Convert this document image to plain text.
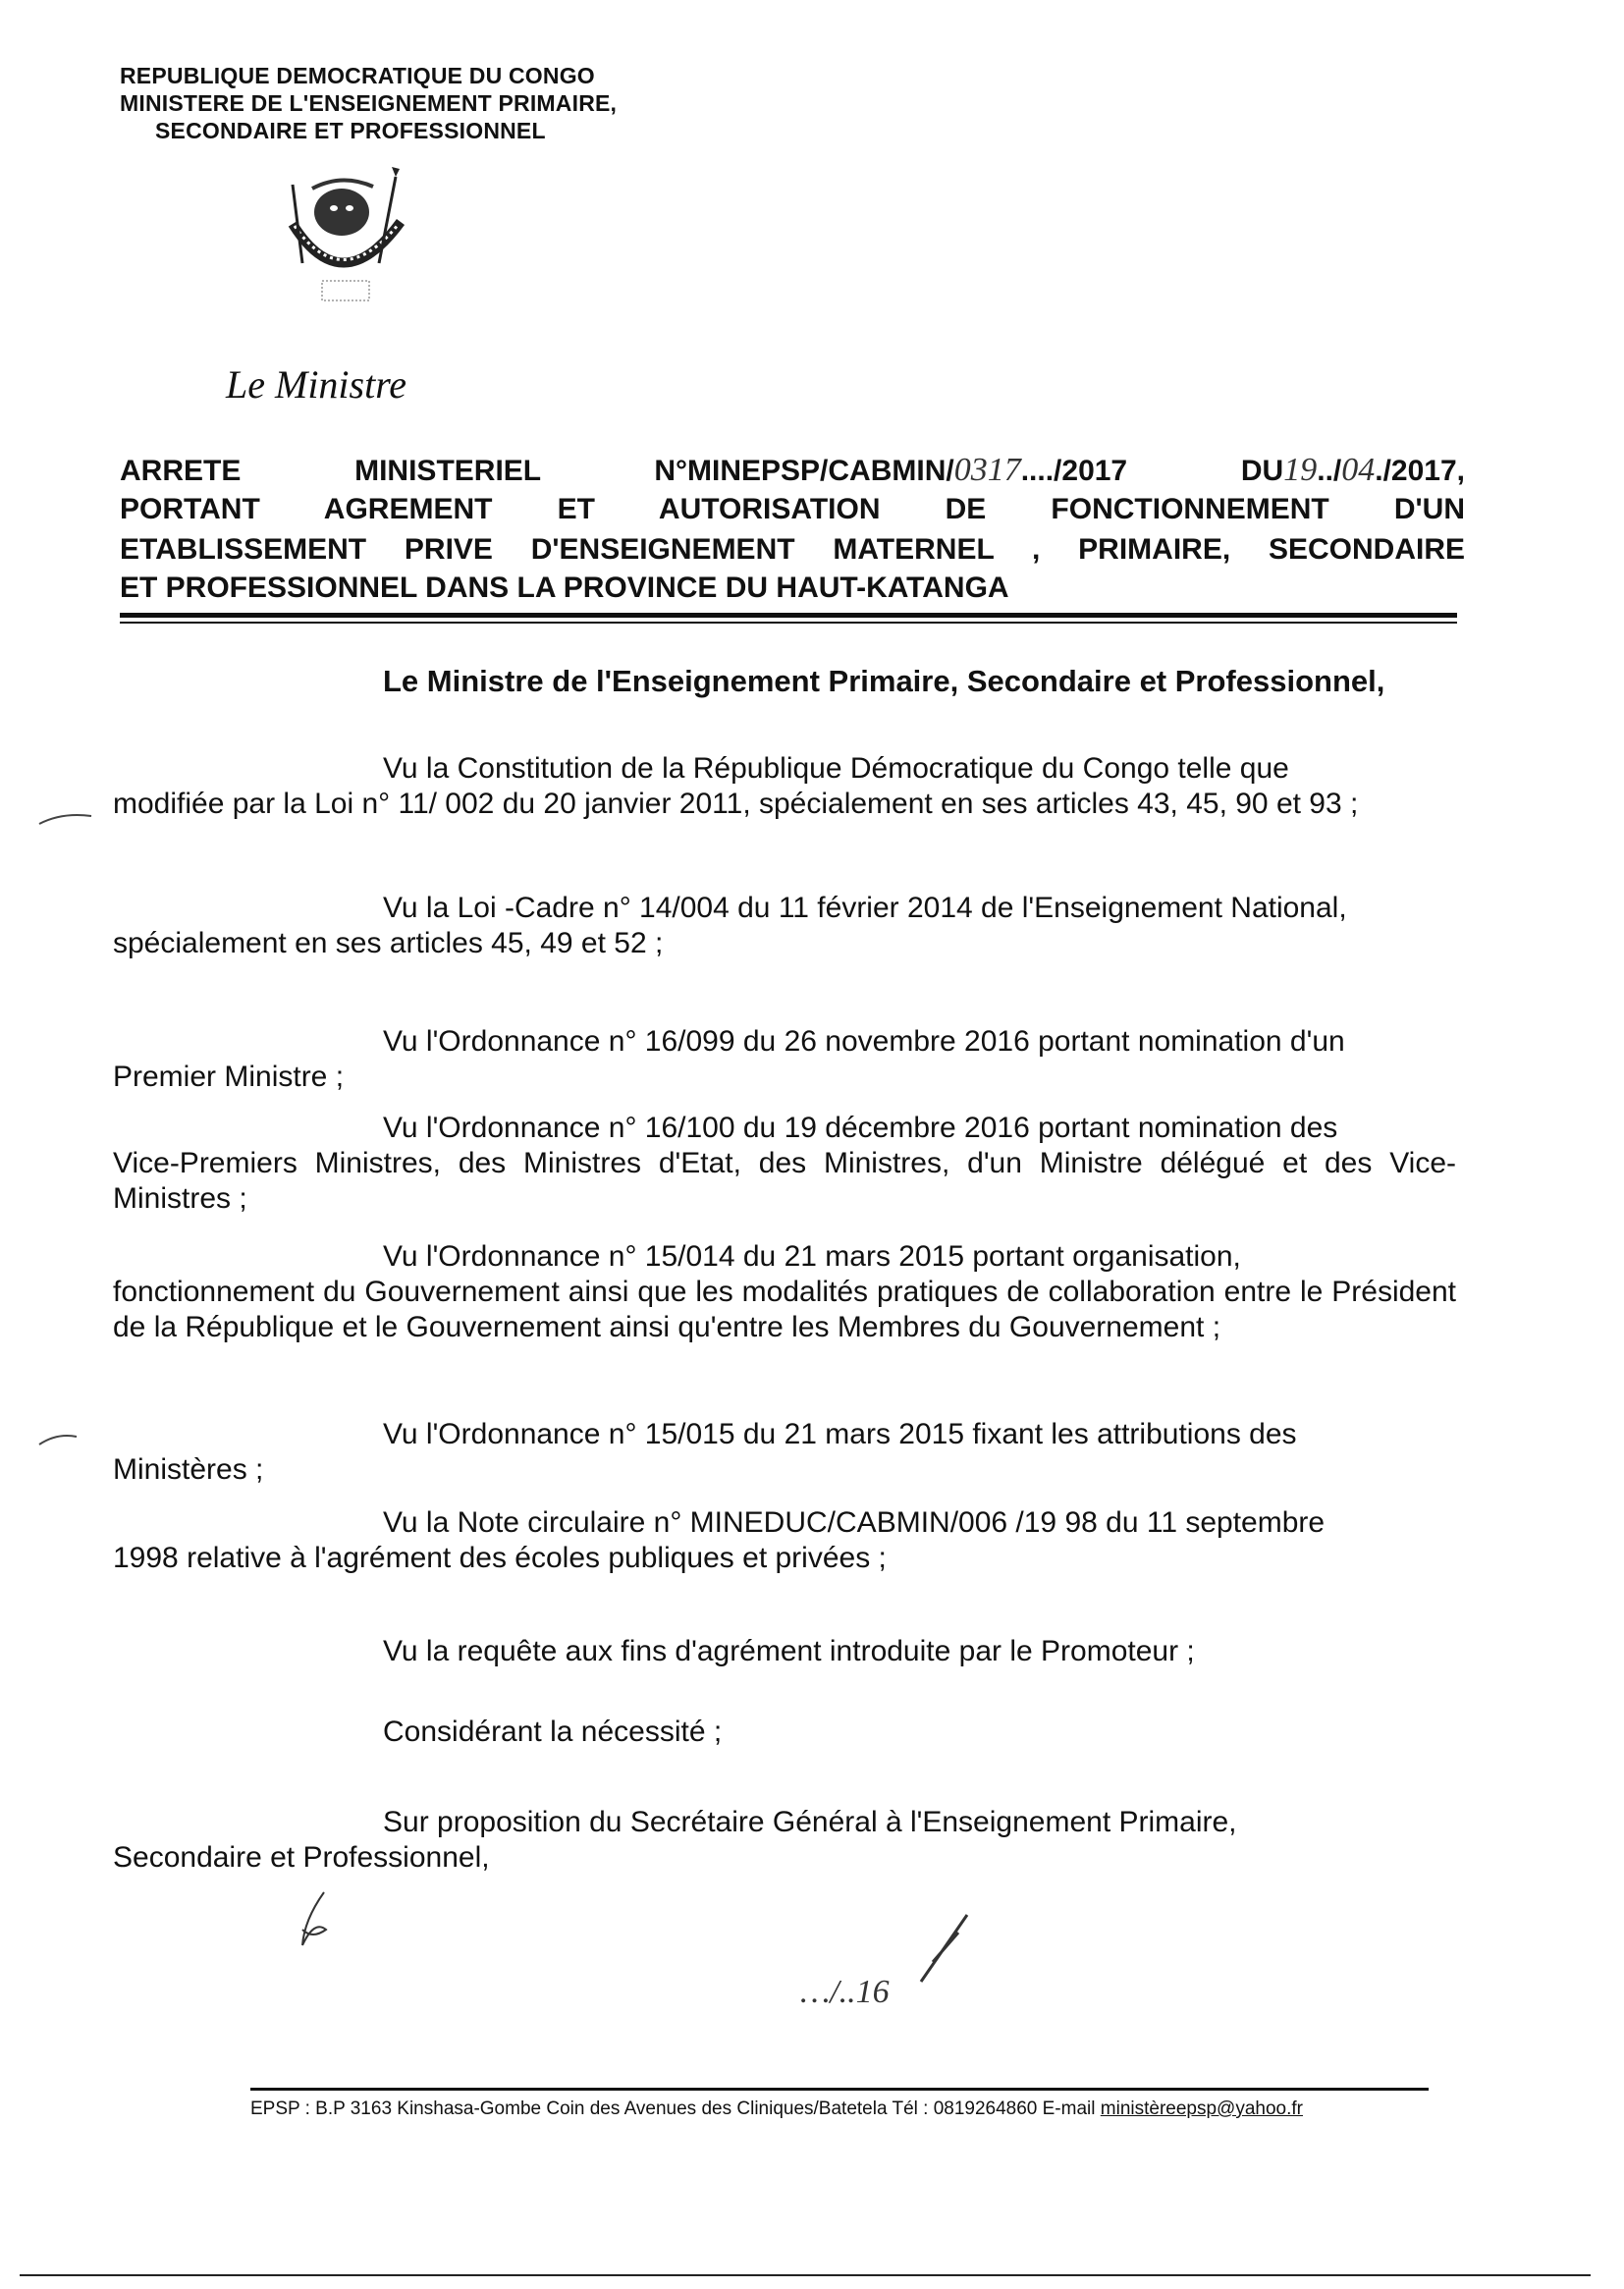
REPUBLIQUE DEMOCRATIQUE DU CONGO
MINISTERE DE L'ENSEIGNEMENT PRIMAIRE,
SECONDAIRE ET PROFESSIONNEL
Le Ministre
ARRETE	MINISTERIEL	N°MINEPSP/CABMIN/0317..../2017	DU19../04./2017,
PORTANT AGREMENT ET AUTORISATION DE FONCTIONNEMENT D'UN
ETABLISSEMENT PRIVE D'ENSEIGNEMENT MATERNEL , PRIMAIRE, SECONDAIRE
ET PROFESSIONNEL DANS LA PROVINCE DU HAUT-KATANGA
Le Ministre de l'Enseignement Primaire, Secondaire et Professionnel,
Vu la Constitution de la République Démocratique du Congo telle que
modifiée par la Loi n° 11/ 002 du 20 janvier 2011, spécialement en ses articles 43, 45, 90 et 93 ;
Vu la Loi -Cadre n° 14/004 du 11 février 2014 de l'Enseignement National,
spécialement en ses articles 45, 49 et 52 ;
Vu l'Ordonnance n° 16/099 du 26 novembre 2016 portant nomination d'un
Premier Ministre ;
Vu l'Ordonnance n° 16/100 du 19 décembre 2016 portant nomination des
Vice-Premiers Ministres, des Ministres d'Etat, des Ministres, d'un Ministre délégué et des Vice-Ministres ;
Vu l'Ordonnance n° 15/014 du 21 mars 2015 portant organisation,
fonctionnement du Gouvernement ainsi que les modalités pratiques de collaboration entre le Président de la République et le Gouvernement ainsi qu'entre les Membres du Gouvernement ;
Vu l'Ordonnance n° 15/015 du 21 mars 2015 fixant les attributions des
Ministères ;
Vu la Note circulaire n° MINEDUC/CABMIN/006 /19 98 du 11 septembre
1998 relative à l'agrément des écoles publiques et privées ;
Vu la requête aux fins d'agrément introduite par le Promoteur ;
Considérant la nécessité ;
Sur proposition du Secrétaire Général à l'Enseignement Primaire,
Secondaire et Professionnel,
…/..16
EPSP : B.P 3163 Kinshasa-Gombe Coin des Avenues des Cliniques/Batetela Tél : 0819264860 E-mail ministèreepsp@yahoo.fr
